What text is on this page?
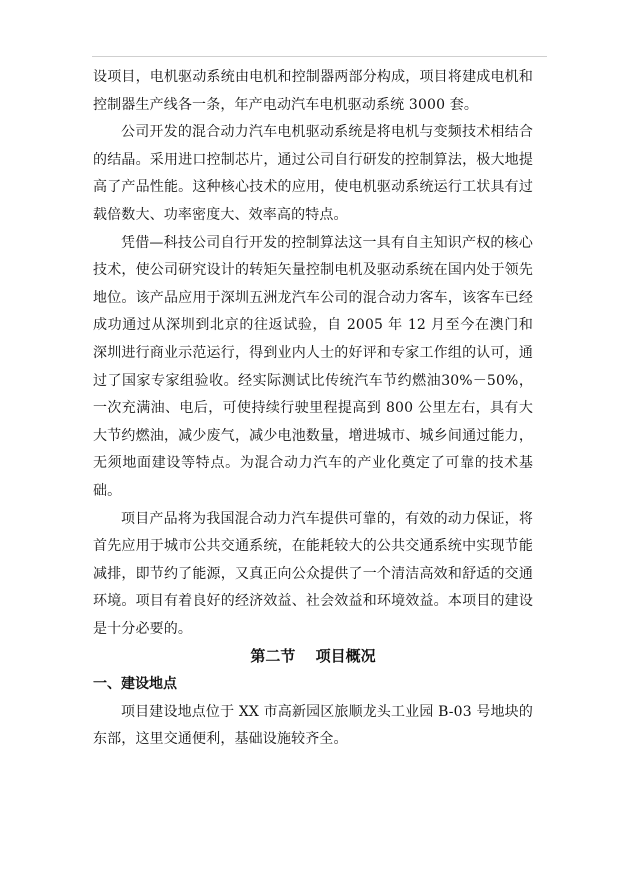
设项目，电机驱动系统由电机和控制器两部分构成，项目将建成电机和控制器生产线各一条，年产电动汽车电机驱动系统 3000 套。

公司开发的混合动力汽车电机驱动系统是将电机与变频技术相结合的结晶。采用进口控制芯片，通过公司自行研发的控制算法，极大地提高了产品性能。这种核心技术的应用，使电机驱动系统运行工状具有过载倍数大、功率密度大、效率高的特点。

凭借—科技公司自行开发的控制算法这一具有自主知识产权的核心技术，使公司研究设计的转矩矢量控制电机及驱动系统在国内处于领先地位。该产品应用于深圳五洲龙汽车公司的混合动力客车，该客车已经成功通过从深圳到北京的往返试验，自 2005 年 12 月至今在澳门和深圳进行商业示范运行，得到业内人士的好评和专家工作组的认可，通过了国家专家组验收。经实际测试比传统汽车节约燃油30%－50%，一次充满油、电后，可使持续行驶里程提高到 800 公里左右，具有大大节约燃油，减少废气，减少电池数量，增进城市、城乡间通过能力，无须地面建设等特点。为混合动力汽车的产业化奠定了可靠的技术基础。

项目产品将为我国混合动力汽车提供可靠的，有效的动力保证，将首先应用于城市公共交通系统，在能耗较大的公共交通系统中实现节能减排，即节约了能源，又真正向公众提供了一个清洁高效和舒适的交通环境。项目有着良好的经济效益、社会效益和环境效益。本项目的建设是十分必要的。

第二节　 项目概况
一、建设地点

项目建设地点位于 XX 市高新园区旅顺龙头工业园 B-03 号地块的东部，这里交通便利，基础设施较齐全。
